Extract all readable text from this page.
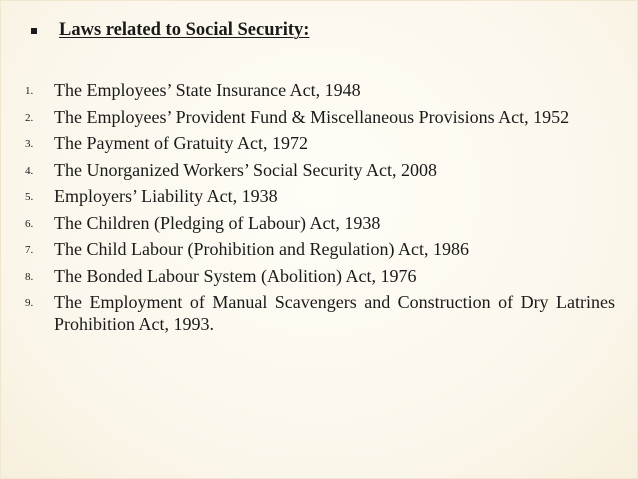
Laws related to Social Security:
1.	The Employees’ State Insurance Act, 1948
2.	The Employees’ Provident Fund & Miscellaneous Provisions Act, 1952
3.	The Payment of Gratuity Act, 1972
4.	The Unorganized Workers’ Social Security Act, 2008
5.	Employers’ Liability Act, 1938
6.	The Children (Pledging of Labour) Act, 1938
7.	The Child Labour (Prohibition and Regulation) Act, 1986
8.	The Bonded Labour System (Abolition) Act, 1976
9.	The Employment of Manual Scavengers and Construction of Dry Latrines Prohibition Act, 1993.
